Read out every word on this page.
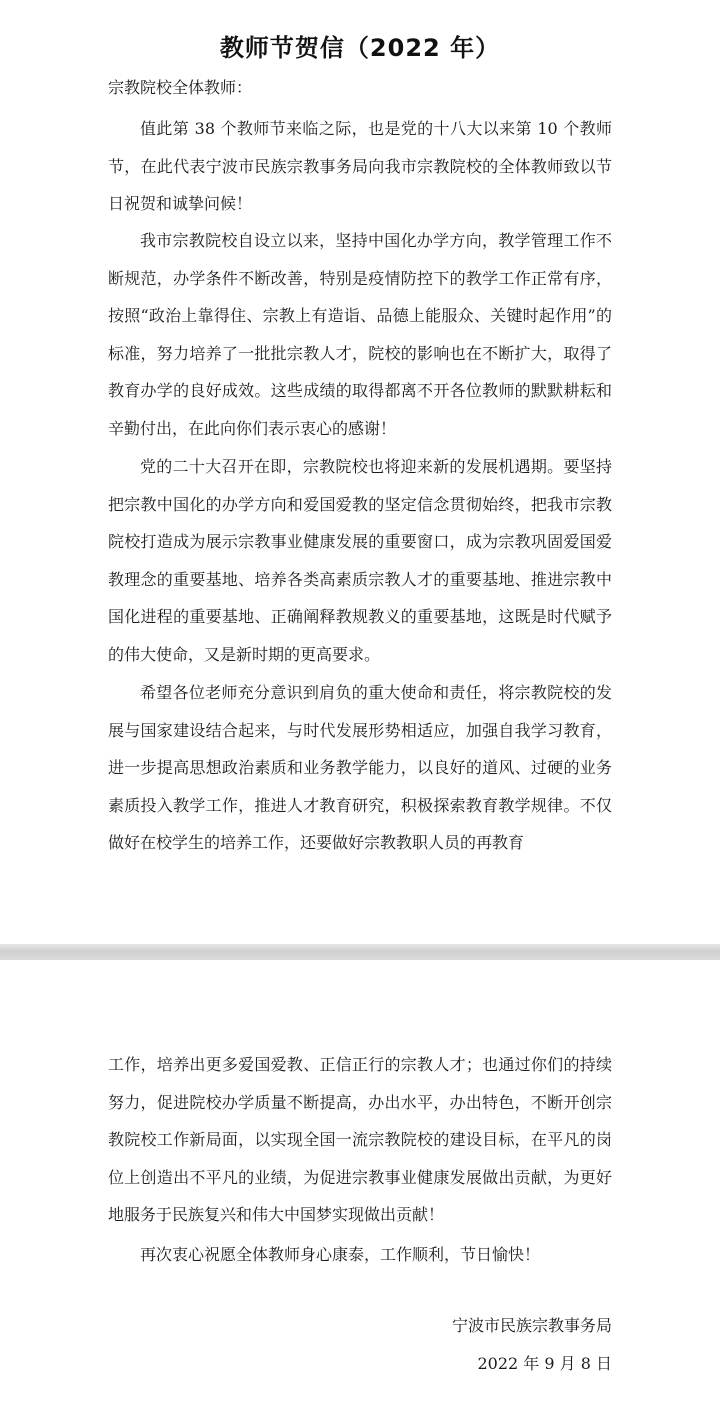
教师节贺信（2022 年）

宗教院校全体教师：

值此第 38 个教师节来临之际，也是党的十八大以来第 10 个教师节，在此代表宁波市民族宗教事务局向我市宗教院校的全体教师致以节日祝贺和诚挚问候！

我市宗教院校自设立以来，坚持中国化办学方向，教学管理工作不断规范，办学条件不断改善，特别是疫情防控下的教学工作正常有序，按照“政治上靠得住、宗教上有造诣、品德上能服众、关键时起作用”的标准，努力培养了一批批宗教人才，院校的影响也在不断扩大，取得了教育办学的良好成效。这些成绩的取得都离不开各位教师的默默耕耘和辛勤付出，在此向你们表示衷心的感谢！

党的二十大召开在即，宗教院校也将迎来新的发展机遇期。要坚持把宗教中国化的办学方向和爱国爱教的坚定信念贯彻始终，把我市宗教院校打造成为展示宗教事业健康发展的重要窗口，成为宗教巩固爱国爱教理念的重要基地、培养各类高素质宗教人才的重要基地、推进宗教中国化进程的重要基地、正确阐释教规教义的重要基地，这既是时代赋予的伟大使命，又是新时期的更高要求。

希望各位老师充分意识到肩负的重大使命和责任，将宗教院校的发展与国家建设结合起来，与时代发展形势相适应，加强自我学习教育，进一步提高思想政治素质和业务教学能力，以良好的道风、过硬的业务素质投入教学工作，推进人才教育研究，积极探索教育教学规律。不仅做好在校学生的培养工作，还要做好宗教教职人员的再教育

工作，培养出更多爱国爱教、正信正行的宗教人才；也通过你们的持续努力，促进院校办学质量不断提高，办出水平，办出特色，不断开创宗教院校工作新局面，以实现全国一流宗教院校的建设目标，在平凡的岗位上创造出不平凡的业绩，为促进宗教事业健康发展做出贡献，为更好地服务于民族复兴和伟大中国梦实现做出贡献！

再次衷心祝愿全体教师身心康泰，工作顺利，节日愉快！

宁波市民族宗教事务局

2022 年 9 月 8 日
